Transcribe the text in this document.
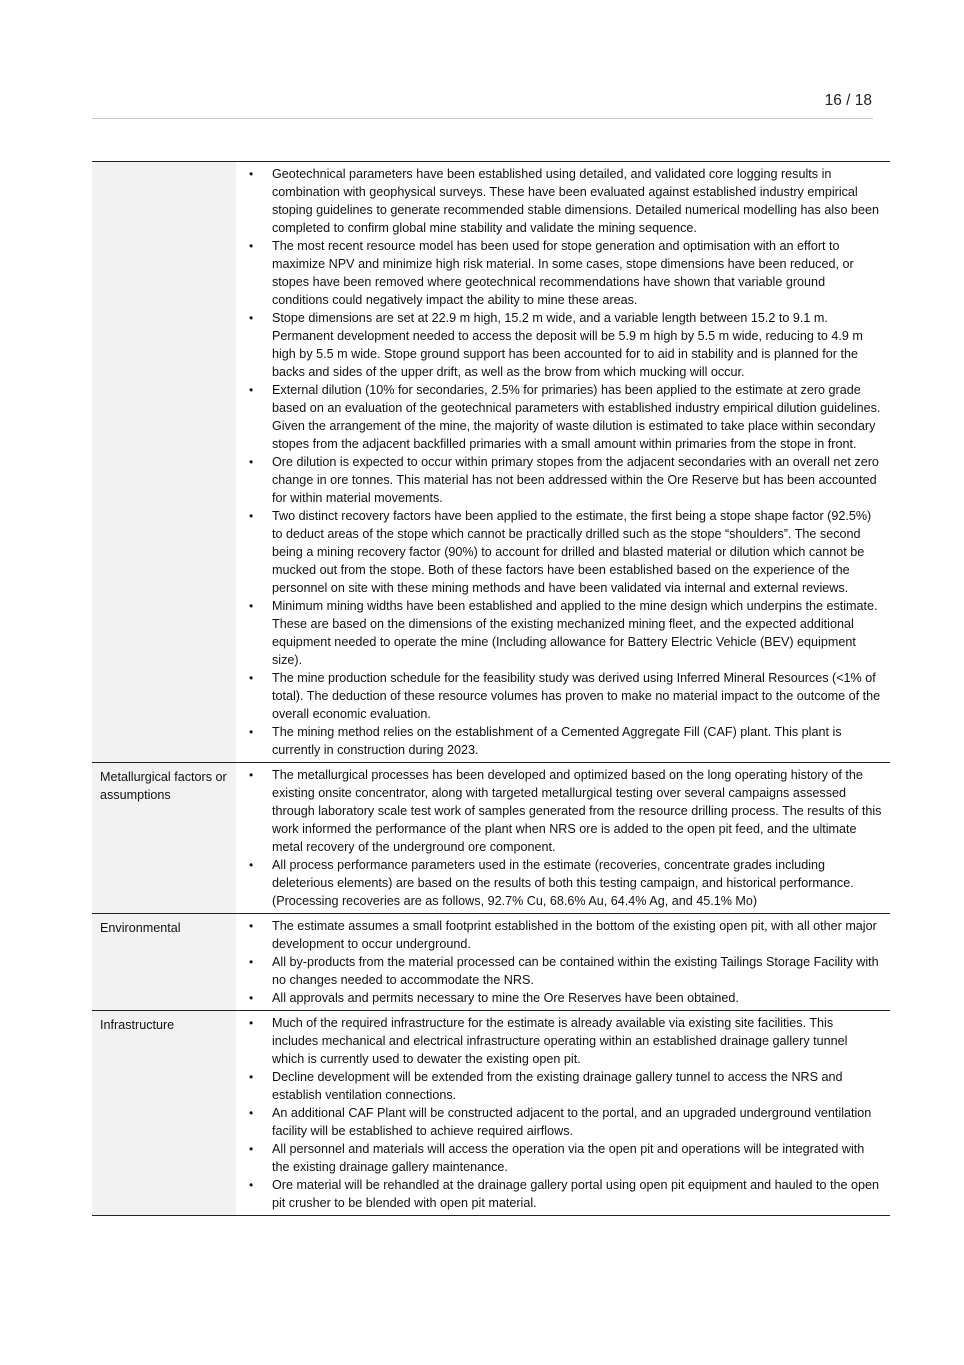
16 / 18
• Geotechnical parameters have been established using detailed, and validated core logging results in combination with geophysical surveys. These have been evaluated against established industry empirical stoping guidelines to generate recommended stable dimensions. Detailed numerical modelling has also been completed to confirm global mine stability and validate the mining sequence.
• The most recent resource model has been used for stope generation and optimisation with an effort to maximize NPV and minimize high risk material. In some cases, stope dimensions have been reduced, or stopes have been removed where geotechnical recommendations have shown that variable ground conditions could negatively impact the ability to mine these areas.
• Stope dimensions are set at 22.9 m high, 15.2 m wide, and a variable length between 15.2 to 9.1 m. Permanent development needed to access the deposit will be 5.9 m high by 5.5 m wide, reducing to 4.9 m high by 5.5 m wide. Stope ground support has been accounted for to aid in stability and is planned for the backs and sides of the upper drift, as well as the brow from which mucking will occur.
• External dilution (10% for secondaries, 2.5% for primaries) has been applied to the estimate at zero grade based on an evaluation of the geotechnical parameters with established industry empirical dilution guidelines. Given the arrangement of the mine, the majority of waste dilution is estimated to take place within secondary stopes from the adjacent backfilled primaries with a small amount within primaries from the stope in front.
• Ore dilution is expected to occur within primary stopes from the adjacent secondaries with an overall net zero change in ore tonnes. This material has not been addressed within the Ore Reserve but has been accounted for within material movements.
• Two distinct recovery factors have been applied to the estimate, the first being a stope shape factor (92.5%) to deduct areas of the stope which cannot be practically drilled such as the stope “shoulders”. The second being a mining recovery factor (90%) to account for drilled and blasted material or dilution which cannot be mucked out from the stope. Both of these factors have been established based on the experience of the personnel on site with these mining methods and have been validated via internal and external reviews.
• Minimum mining widths have been established and applied to the mine design which underpins the estimate. These are based on the dimensions of the existing mechanized mining fleet, and the expected additional equipment needed to operate the mine (Including allowance for Battery Electric Vehicle (BEV) equipment size).
• The mine production schedule for the feasibility study was derived using Inferred Mineral Resources (<1% of total). The deduction of these resource volumes has proven to make no material impact to the outcome of the overall economic evaluation.
• The mining method relies on the establishment of a Cemented Aggregate Fill (CAF) plant. This plant is currently in construction during 2023.
Metallurgical factors or assumptions
• The metallurgical processes has been developed and optimized based on the long operating history of the existing onsite concentrator, along with targeted metallurgical testing over several campaigns assessed through laboratory scale test work of samples generated from the resource drilling process. The results of this work informed the performance of the plant when NRS ore is added to the open pit feed, and the ultimate metal recovery of the underground ore component.
• All process performance parameters used in the estimate (recoveries, concentrate grades including deleterious elements) are based on the results of both this testing campaign, and historical performance. (Processing recoveries are as follows, 92.7% Cu, 68.6% Au, 64.4% Ag, and 45.1% Mo)
Environmental	• The estimate assumes a small footprint established in the bottom of the existing open pit, with all other major development to occur underground.
• All by-products from the material processed can be contained within the existing Tailings Storage Facility with no changes needed to accommodate the NRS.
• All approvals and permits necessary to mine the Ore Reserves have been obtained.
Infrastructure	• Much of the required infrastructure for the estimate is already available via existing site facilities. This includes mechanical and electrical infrastructure operating within an established drainage gallery tunnel which is currently used to dewater the existing open pit.
• Decline development will be extended from the existing drainage gallery tunnel to access the NRS and establish ventilation connections.
• An additional CAF Plant will be constructed adjacent to the portal, and an upgraded underground ventilation facility will be established to achieve required airflows.
• All personnel and materials will access the operation via the open pit and operations will be integrated with the existing drainage gallery maintenance.
• Ore material will be rehandled at the drainage gallery portal using open pit equipment and hauled to the open pit crusher to be blended with open pit material.
